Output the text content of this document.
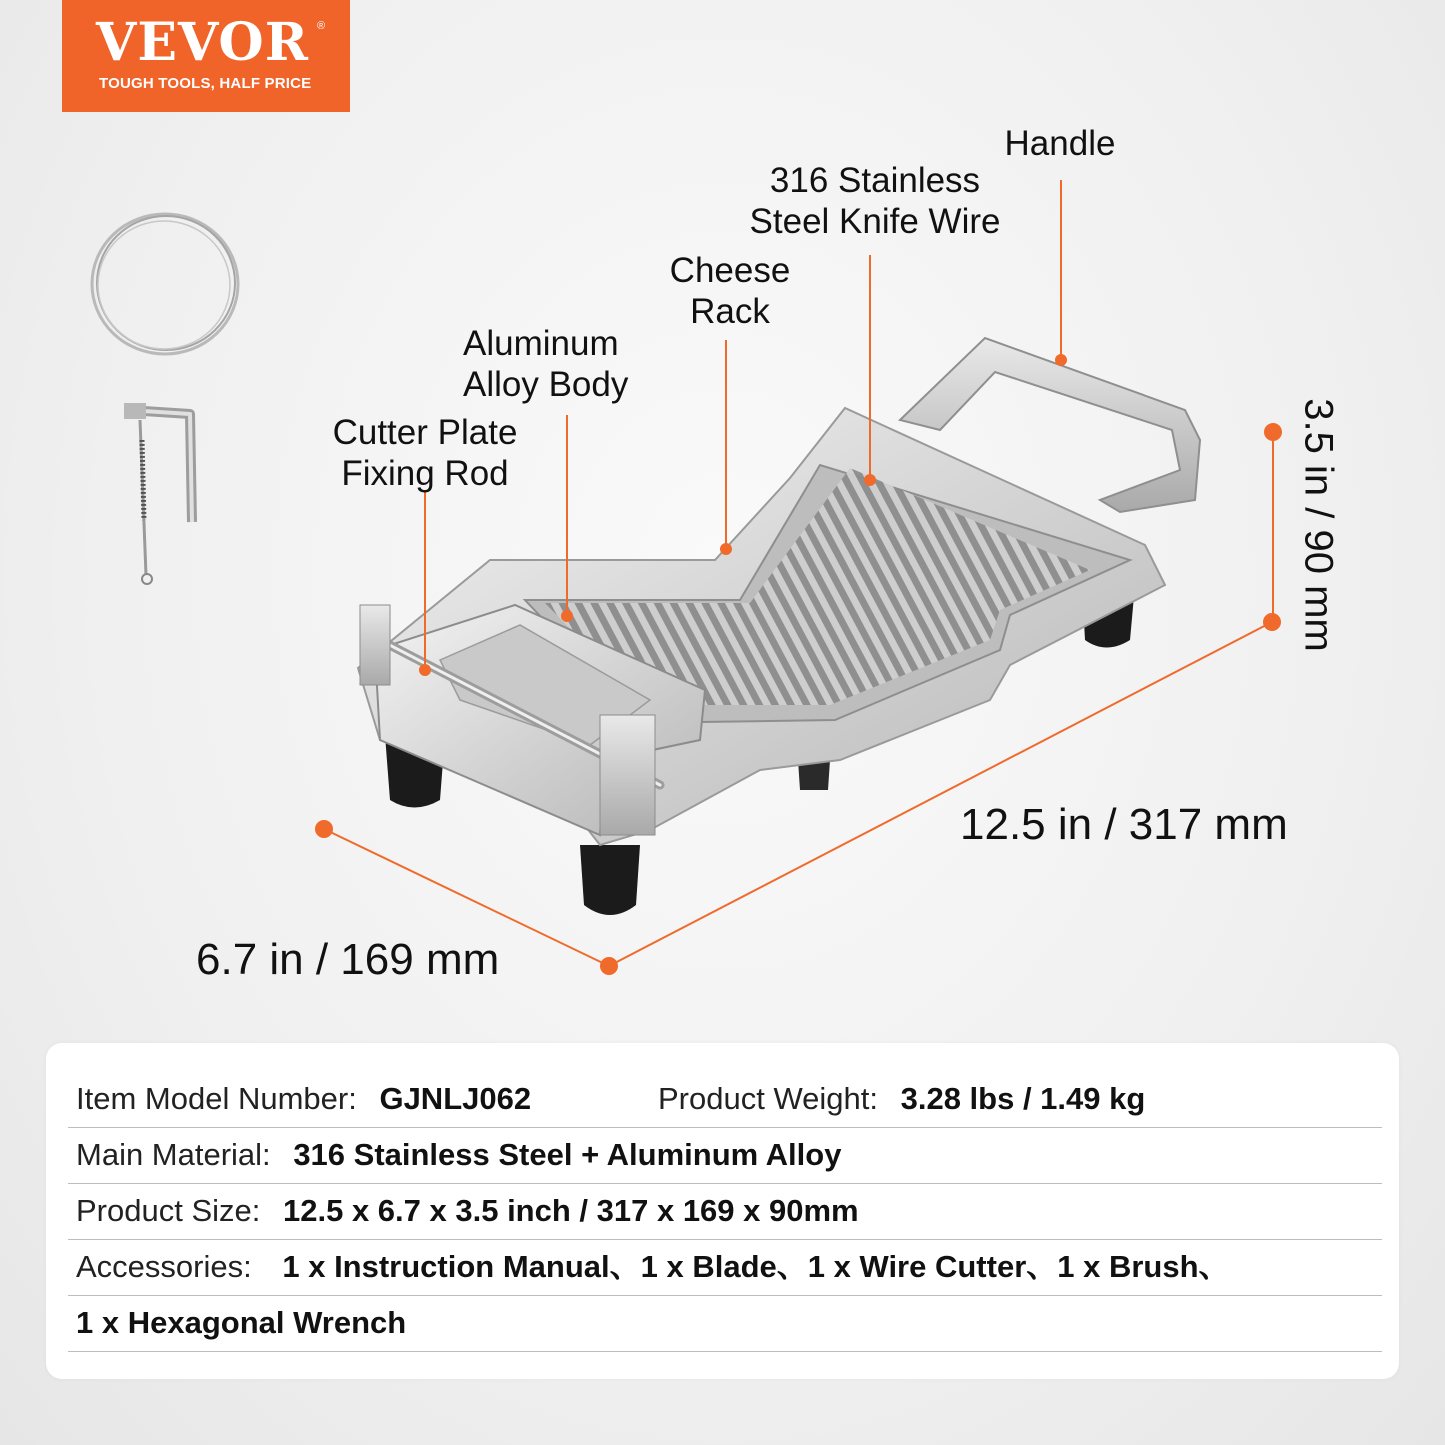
VEVOR ®
TOUGH TOOLS, HALF PRICE
Handle
316 Stainless
Steel Knife Wire
Cheese
Rack
Aluminum
Alloy Body
Cutter Plate
Fixing Rod
12.5 in / 317 mm
6.7 in / 169 mm
3.5 in / 90 mm
Item Model Number: GJNLJ062	Product Weight: 3.28 lbs / 1.49 kg
Main Material: 316 Stainless Steel + Aluminum Alloy
Product Size: 12.5 x 6.7 x 3.5 inch / 317 x 169 x 90mm
Accessories: 1 x Instruction Manual、1 x Blade、1 x Wire Cutter、1 x Brush、
1 x Hexagonal Wrench
